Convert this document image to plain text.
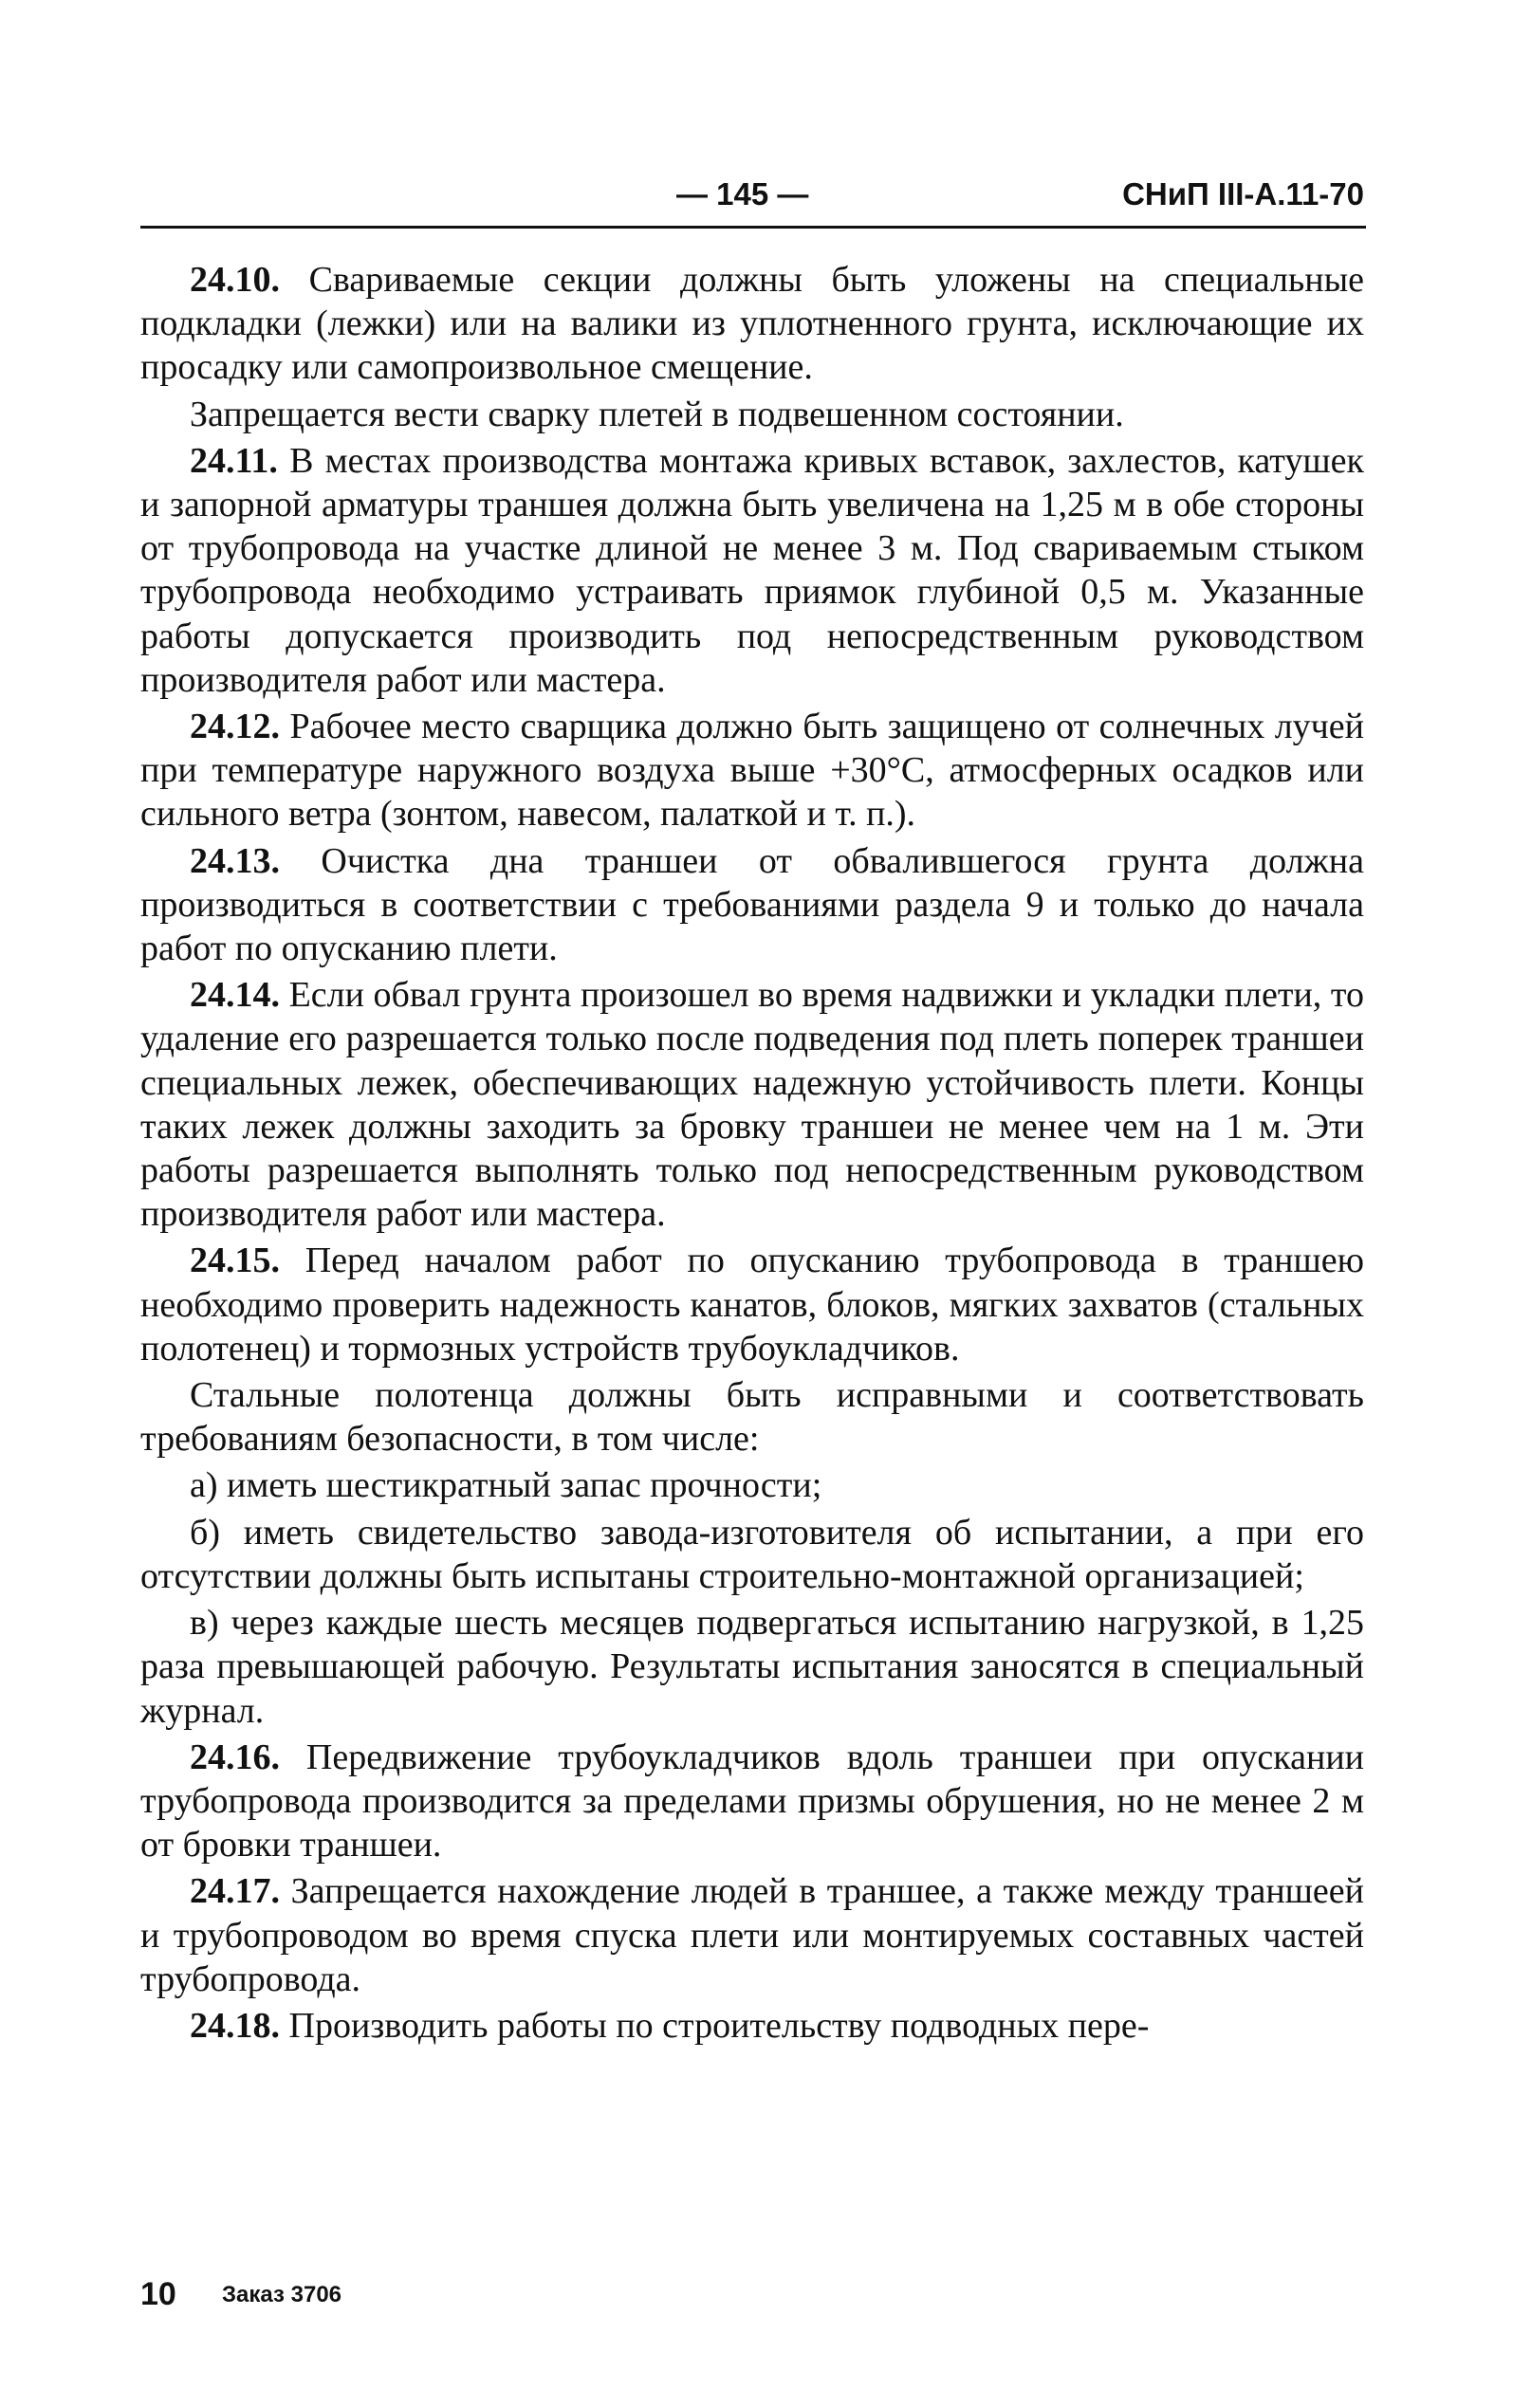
— 145 —	СНиП III-А.11-70

24.10. Свариваемые секции должны быть уложены на специальные подкладки (лежки) или на валики из уплотненного грунта, исключающие их просадку или самопроизвольное смещение.

Запрещается вести сварку плетей в подвешенном состоянии.

24.11. В местах производства монтажа кривых вставок, захлестов, катушек и запорной арматуры траншея должна быть увеличена на 1,25 м в обе стороны от трубопровода на участке длиной не менее 3 м. Под свариваемым стыком трубопровода необходимо устраивать приямок глубиной 0,5 м. Указанные работы допускается производить под непосредственным руководством производителя работ или мастера.

24.12. Рабочее место сварщика должно быть защищено от солнечных лучей при температуре наружного воздуха выше +30°С, атмосферных осадков или сильного ветра (зонтом, навесом, палаткой и т. п.).

24.13. Очистка дна траншеи от обвалившегося грунта должна производиться в соответствии с требованиями раздела 9 и только до начала работ по опусканию плети.

24.14. Если обвал грунта произошел во время надвижки и укладки плети, то удаление его разрешается только после подведения под плеть поперек траншеи специальных лежек, обеспечивающих надежную устойчивость плети. Концы таких лежек должны заходить за бровку траншеи не менее чем на 1 м. Эти работы разрешается выполнять только под непосредственным руководством производителя работ или мастера.

24.15. Перед началом работ по опусканию трубопровода в траншею необходимо проверить надежность канатов, блоков, мягких захватов (стальных полотенец) и тормозных устройств трубоукладчиков.

Стальные полотенца должны быть исправными и соответствовать требованиям безопасности, в том числе:

а) иметь шестикратный запас прочности;

б) иметь свидетельство завода-изготовителя об испытании, а при его отсутствии должны быть испытаны строительно-монтажной организацией;

в) через каждые шесть месяцев подвергаться испытанию нагрузкой, в 1,25 раза превышающей рабочую. Результаты испытания заносятся в специальный журнал.

24.16. Передвижение трубоукладчиков вдоль траншеи при опускании трубопровода производится за пределами призмы обрушения, но не менее 2 м от бровки траншеи.

24.17. Запрещается нахождение людей в траншее, а также между траншеей и трубопроводом во время спуска плети или монтируемых составных частей трубопровода.

24.18. Производить работы по строительству подводных пере-

10 Заказ 3706
